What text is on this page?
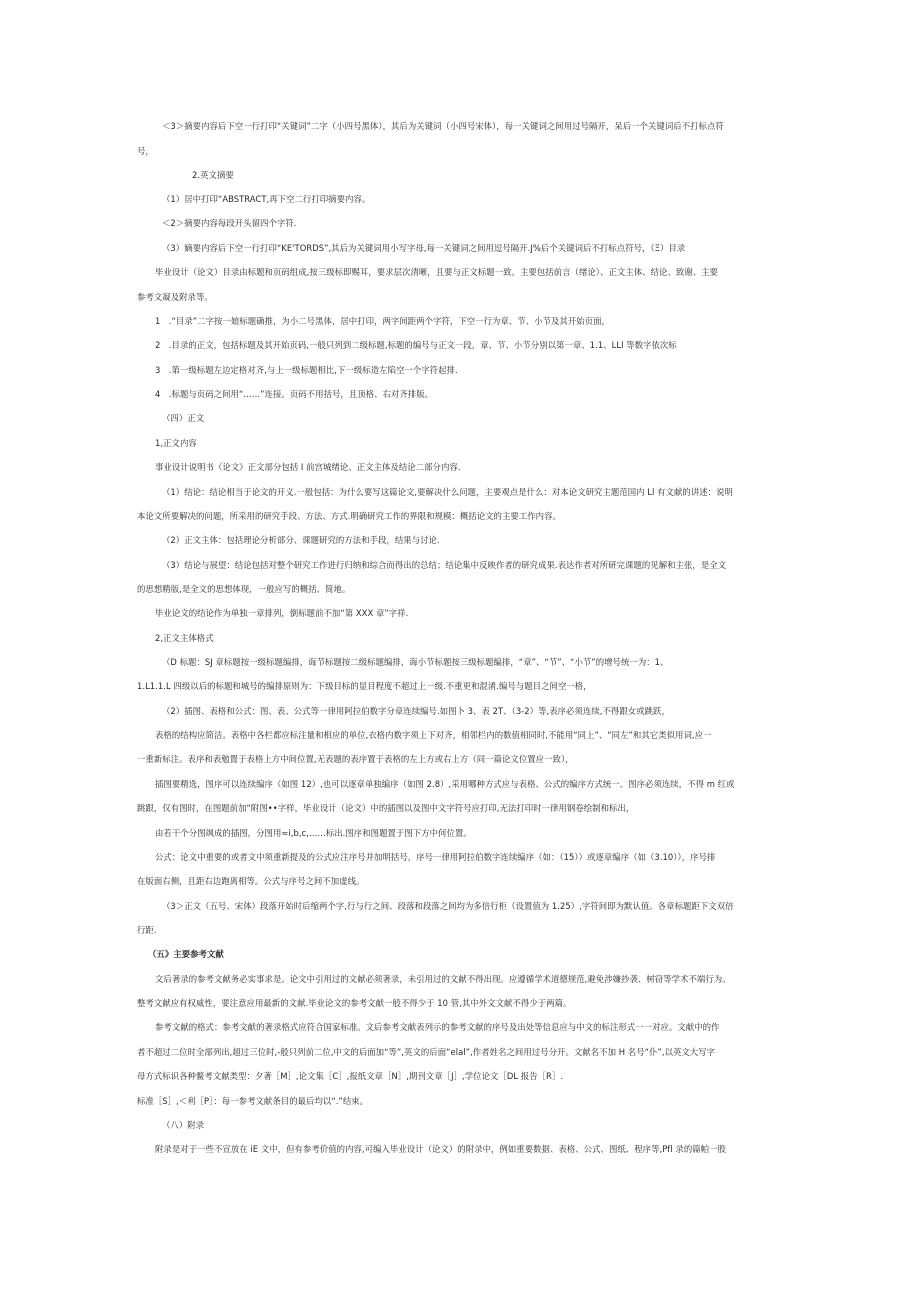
＜3＞摘要内容后下空一行打印“关键词”二字（小四号黑体），其后为关键词（小四号宋体），每一关键词之间用过号隔开，呆后一个关键词后不打标点符
号，
2.英文摘要
（1）居中打印“ABSTRACT,再下空二行打印摘要内容。
＜2＞摘要内容每段开头留四个字符.
（3）嫡要内容后下空一行打印“KE'TORDS”,其后为关键词用小写字母,每一关键词之间用逗号隔开.J%后个关键词后不打标点符号，（Ξ）目录
毕业设计（论文）目录由标题和页码组成,按三级标即赐耳，要求层次清晰，且要与正文标题一致。主要包括前言（绪论）、正文主体、结论、致谢、主要
参考文凝及附录等。
1　.“目录”二字按一娘标题确推，为小二号黑体，居中打印，两字间距两个字符，下空一行为章、节、小节及其开始页面，
2　.目录的正文，包括标题及其开始页码,一般只列到二级标题,标题的编号与正文一段，章、节、小节分别以第一章、1.1、LLl 等数字依次标
3　.第一级标题左边定格对齐,与上一级标题相比,下一级标造左陷空一个字符起排.
4　.标题与页码之间用“……”连接。页码不用括号，且顶格、右对齐排版。
（四）正文
1,正文内容
事业设计说明书（论文》正文部分包括 I 前宫城绪论、正文主体及结论二部分内容.
（1）结论：结论相当于论文的开义.一般包括：为什么要写这篇论文,要解决什么问题，主要观点是什么：对本论文研究主题范国内 Ll 有文献的讲述：说明
本论文所要解决的问题，所采用的研究手段、方法、方式.明确研究工作的界限和规模：概括论文的主要工作内容。
（2）正文主体：包括理论分析部分、课题研究的方法和手段，结果与讨论.
（3）结论与展望：结论包括对整个研究工作进行归纳和综合而得出的总结；结论集中反映作者的研究成果.表达作者对所研完课题的见解和主张，是全文
的思想精版,是全文的思想体现，一般应写的概括、简地。
毕业论文的结论作为单独一章排列，倒标题前不加“第 XXX 章”字祥.
2,正文主体格式
（D 标题：SJ 章标题按一级标题编排，诲节标题按二级标题编排，诲小节标题按三级标题编排，“章”、“节”、“小节”的增号统一为：1、
1.L1.1.L 四级以后的标题和城号的编排原则为：下级目标的显目程度不超过上一级.不重更和混淆.编号与题目之间空一格，
（2）插图、表格和公式：图、表、公式等一律用阿拉伯数字分章连续编号.如图卜 3、表 2T、（3-2）等,表序必须连续,不得跟女或跳跃，
表格的结构应简洁。表格中各栏都应标注量和相应的单位,衣格内数字须上下对齐，相邻栏内的数值相同时,不能用“同上”、“同左”和其它类似用词,应一
一重新标注。表序和表勉置于表格上方中间位置,无表题的表序置于表格的左上方或右上方（同一篇论文位置应一致），
插图要精选，图序可以连续编序（如图 12）,也可以逐章单独编序（如图 2.8）,采用哪种方式应与表格、公式的编序方式统一。图序必须连续，不得 m 红或
跳跟，仅有图时，在图题前加“附图••字样，毕业设计（论文）中的插图以及图中文字符号应打印,无法打印时一律用钢卷绘制和标出，
由若干个分图飒成的插图，分图用≈i,b,c,……标出.图序和图题置于图下方中何位置。
公式：论文中重要的或者文中须重新提及的公式应注序号并加明括号，序号一律用阿拉伯数字连续编序（如：（15））或逐章编序（如（3.10）），序号排
在版面右侧，且距右边跑离相等。公式与序号之间不加虚线。
（3＞正文（五号、宋体）段落开始时后缩两个字,行与行之间、段落和段落之间均为多倍行柜（设置值为 1.25）,字符间即为默认值。各章标题距下文双倍
行距.
（五》主要参考文献
文后著录的参考文献务必实事求是。论文中引用过的文献必须著录，未引用过的文献不得出现。应遵循学术道德规范,避免涉嫌抄袭、树窃等学术不端行为。
整考文献应有权威性，要注意应用最新的文献.毕业论文的参考文献一般不得少于 10 管,其中外文文献不得少于两篇。
参考文献的格式：参考文献的著录格式应符合国家标准。文后参考文献表列示的参考文献的序号及出处等信息应与中文的标注形式一一对应。文献中的作
者不超过二位时全部列出,超过三位时,-般只列前二位,中文的后面加“等”,英文的后面“elal”,作者姓名之间用过号分开。文献名不加 H 名号“仆”,以英文大写字
母方式标识各种鳌考文献类型：夕著［M］,论文集［C］,报纸文章［N］,期刊文章［J］,学位论文［DL 报告［R］.
标准［S］,＜利［P］：每一参考文献条目的最后均以“.”结束。
（八）附录
附录是对于一些不宣放在 iE 文中，但有参考价值的内容,可编入毕业设计（论文）的附录中，例如重要数据、表格、公式、图纸、程序等,Pfl 录的篇帕一股
